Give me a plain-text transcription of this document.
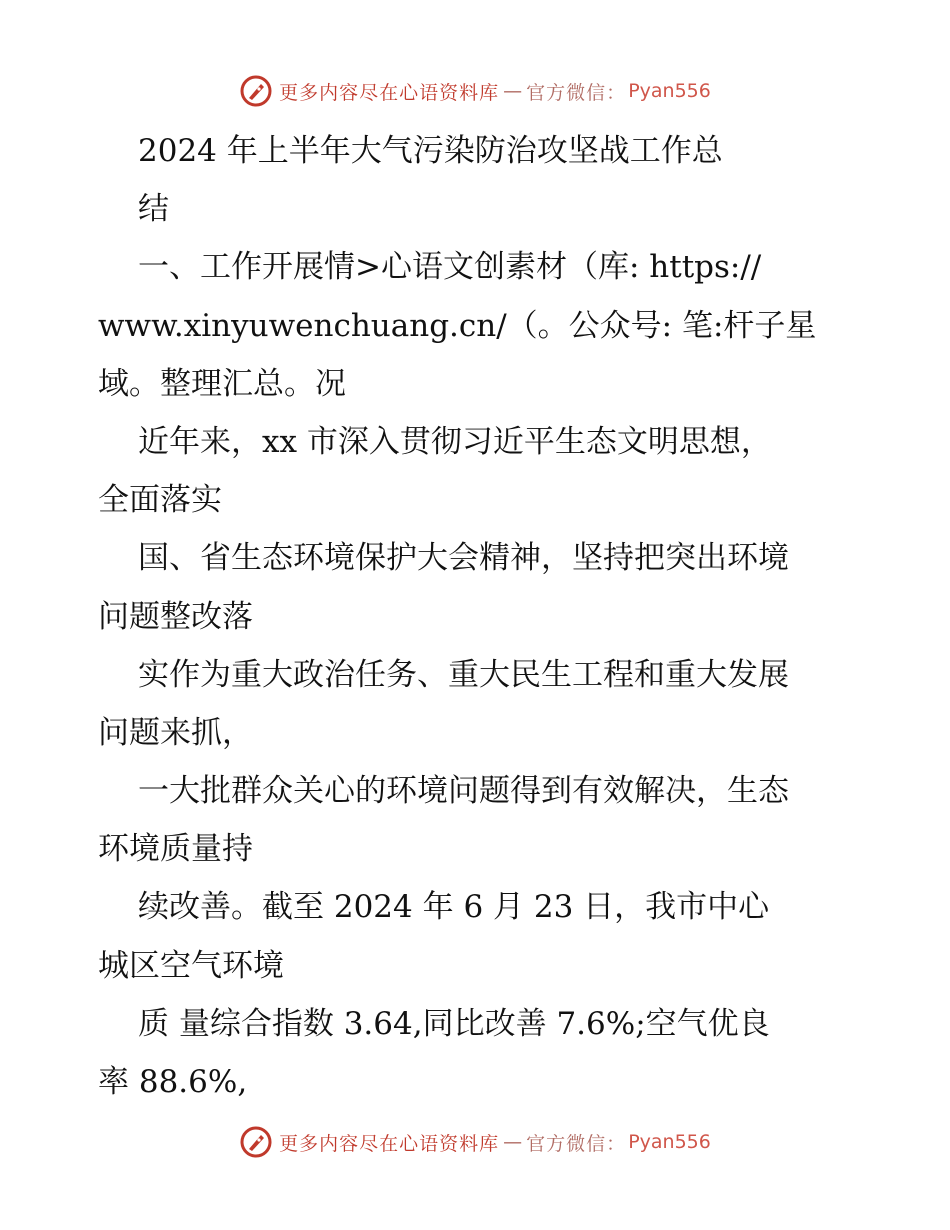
更多内容尽在心语资料库 — 官方微信： Pyan556
2024 年上半年大气污染防治攻坚战工作总
结
一、工作开展情>心语文创素材（库: https://
www.xinyuwenchuang.cn/（。公众号: 笔:杆子星
域。整理汇总。况
近年来，xx 市深入贯彻习近平生态文明思想，
全面落实
国、省生态环境保护大会精神，坚持把突出环境
问题整改落
实作为重大政治任务、重大民生工程和重大发展
问题来抓，
一大批群众关心的环境问题得到有效解决，生态
环境质量持
续改善。截至 2024 年 6 月 23 日，我市中心
城区空气环境
质 量综合指数 3.64,同比改善 7.6%;空气优良
率 88.6%,
更多内容尽在心语资料库 — 官方微信： Pyan556
